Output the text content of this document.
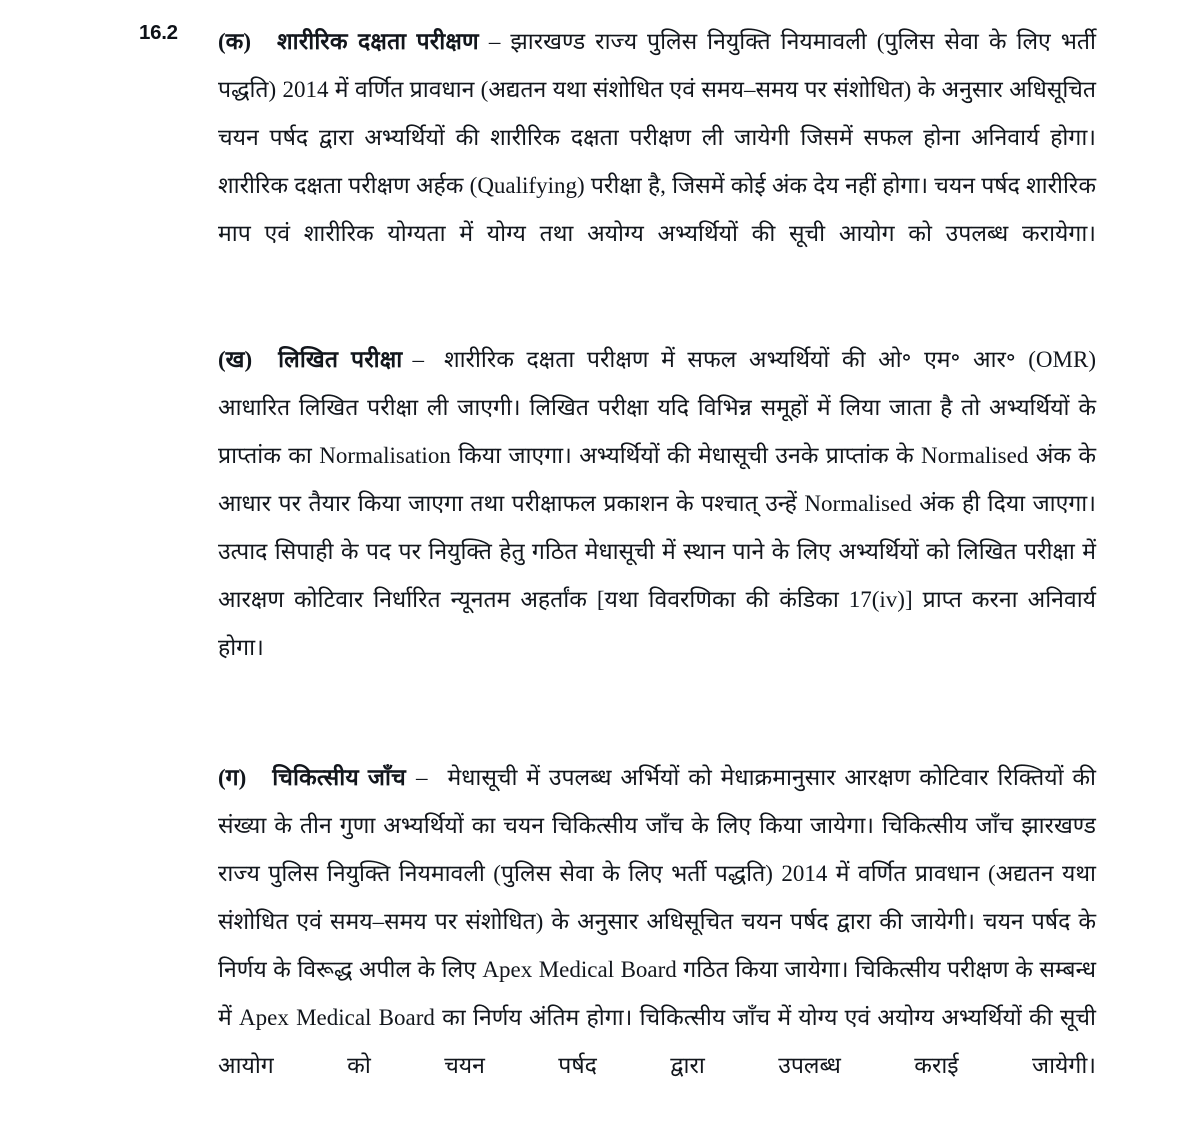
16.2	(क) शारीरिक दक्षता परीक्षण – झारखण्ड राज्य पुलिस नियुक्ति नियमावली (पुलिस सेवा के लिए भर्ती पद्धति) 2014 में वर्णित प्रावधान (अद्यतन यथा संशोधित एवं समय–समय पर संशोधित) के अनुसार अधिसूचित चयन पर्षद द्वारा अभ्यर्थियों की शारीरिक दक्षता परीक्षण ली जायेगी जिसमें सफल होना अनिवार्य होगा। शारीरिक दक्षता परीक्षण अर्हक (Qualifying) परीक्षा है, जिसमें कोई अंक देय नहीं होगा। चयन पर्षद शारीरिक माप एवं शारीरिक योग्यता में योग्य तथा अयोग्य अभ्यर्थियों की सूची आयोग को उपलब्ध करायेगा।

(ख) लिखित परीक्षा – शारीरिक दक्षता परीक्षण में सफल अभ्यर्थियों की ओ॰ एम॰ आर॰ (OMR) आधारित लिखित परीक्षा ली जाएगी। लिखित परीक्षा यदि विभिन्न समूहों में लिया जाता है तो अभ्यर्थियों के प्राप्तांक का Normalisation किया जाएगा। अभ्यर्थियों की मेधासूची उनके प्राप्तांक के Normalised अंक के आधार पर तैयार किया जाएगा तथा परीक्षाफल प्रकाशन के पश्चात् उन्हें Normalised अंक ही दिया जाएगा। उत्पाद सिपाही के पद पर नियुक्ति हेतु गठित मेधासूची में स्थान पाने के लिए अभ्यर्थियों को लिखित परीक्षा में आरक्षण कोटिवार निर्धारित न्यूनतम अहर्तांक [यथा विवरणिका की कंडिका 17(iv)] प्राप्त करना अनिवार्य होगा।

(ग) चिकित्सीय जाँच – मेधासूची में उपलब्ध अर्भियों को मेधाक्रमानुसार आरक्षण कोटिवार रिक्तियों की संख्या के तीन गुणा अभ्यर्थियों का चयन चिकित्सीय जाँच के लिए किया जायेगा। चिकित्सीय जाँच झारखण्ड राज्य पुलिस नियुक्ति नियमावली (पुलिस सेवा के लिए भर्ती पद्धति) 2014 में वर्णित प्रावधान (अद्यतन यथा संशोधित एवं समय–समय पर संशोधित) के अनुसार अधिसूचित चयन पर्षद द्वारा की जायेगी। चयन पर्षद के निर्णय के विरूद्ध अपील के लिए Apex Medical Board गठित किया जायेगा। चिकित्सीय परीक्षण के सम्बन्ध में Apex Medical Board का निर्णय अंतिम होगा। चिकित्सीय जाँच में योग्य एवं अयोग्य अभ्यर्थियों की सूची आयोग को चयन पर्षद द्वारा उपलब्ध कराई जायेगी।
